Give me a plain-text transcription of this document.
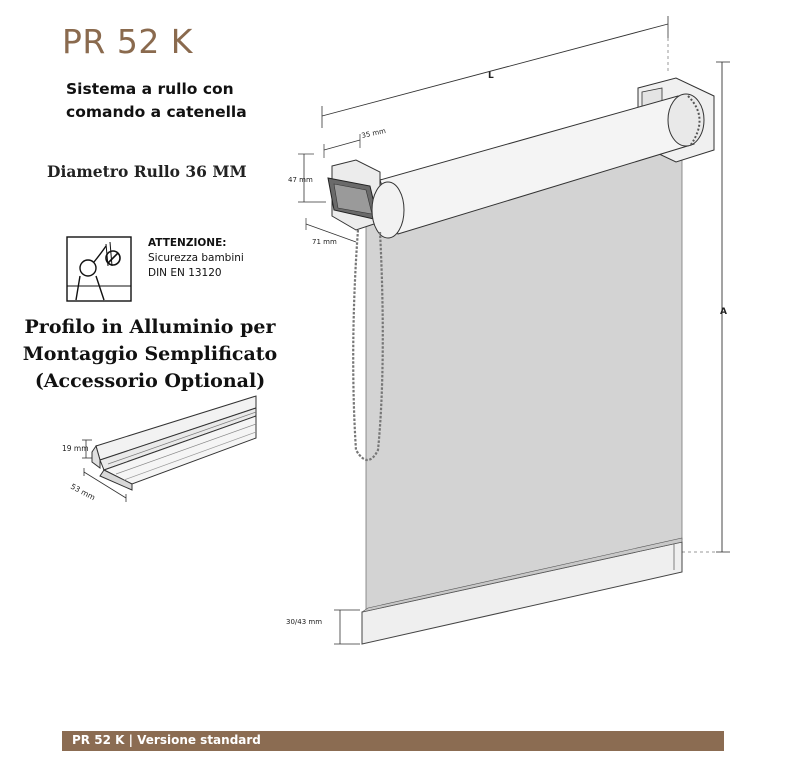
PR 52 K
Sistema a rullo con
comando a catenella
Diametro Rullo 36 MM
ATTENZIONE:
Sicurezza bambini
DIN EN 13120
Profilo in Alluminio per
Montaggio Semplificato
(Accessorio Optional)
19 mm
53 mm
L
35 mm
47 mm
71 mm
A
30/43 mm
PR 52 K | Versione standard
